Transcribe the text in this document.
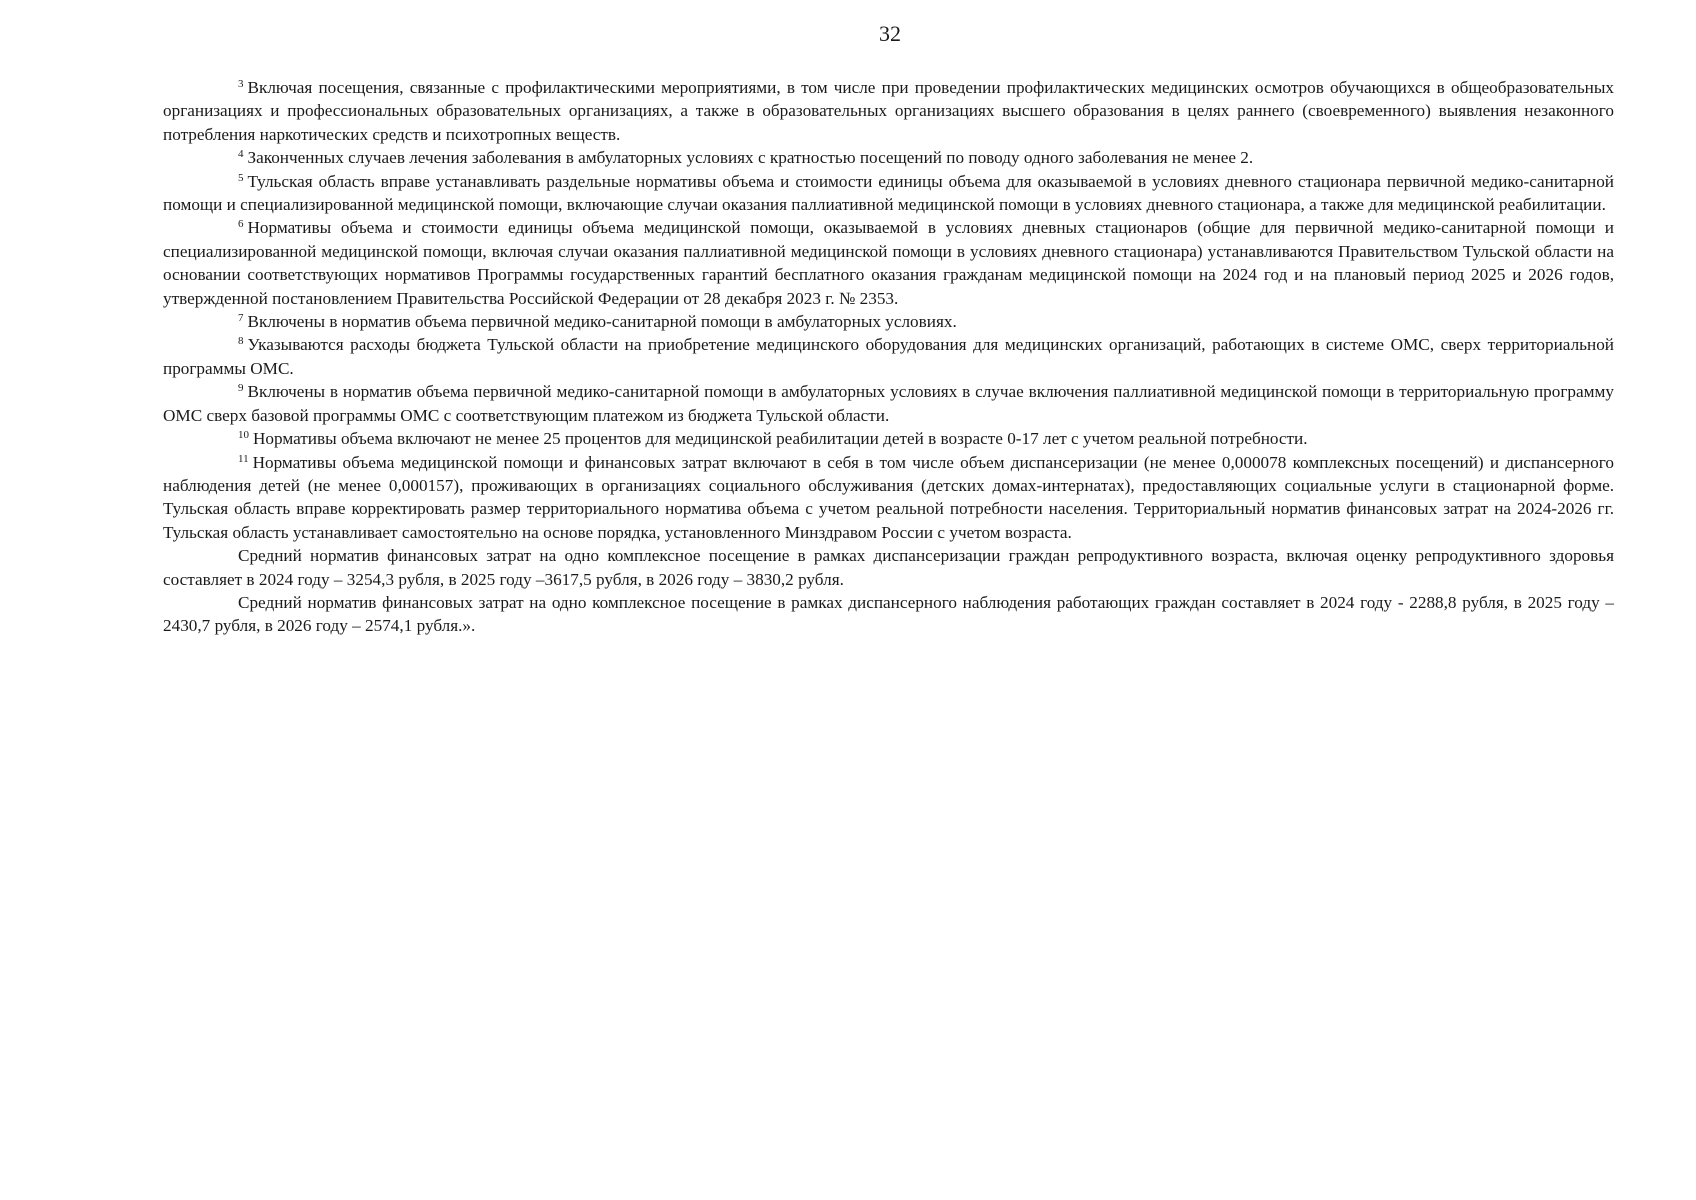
32

$^3$ Включая посещения, связанные с профилактическими мероприятиями, в том числе при проведении профилактических медицинских осмотров обучающихся в общеобразовательных организациях и профессиональных образовательных организациях, а также в образовательных организациях высшего образования в целях раннего (своевременного) выявления незаконного потребления наркотических средств и психотропных веществ.

$^4$ Законченных случаев лечения заболевания в амбулаторных условиях с кратностью посещений по поводу одного заболевания не менее 2.

$^5$ Тульская область вправе устанавливать раздельные нормативы объема и стоимости единицы объема для оказываемой в условиях дневного стационара первичной медико-санитарной помощи и специализированной медицинской помощи, включающие случаи оказания паллиативной медицинской помощи в условиях дневного стационара, а также для медицинской реабилитации.

$^6$ Нормативы объема и стоимости единицы объема медицинской помощи, оказываемой в условиях дневных стационаров (общие для первичной медико-санитарной помощи и специализированной медицинской помощи, включая случаи оказания паллиативной медицинской помощи в условиях дневного стационара) устанавливаются Правительством Тульской области на основании соответствующих нормативов Программы государственных гарантий бесплатного оказания гражданам медицинской помощи на 2024 год и на плановый период 2025 и 2026 годов, утвержденной постановлением Правительства Российской Федерации от 28 декабря 2023 г. № 2353.

$^7$ Включены в норматив объема первичной медико-санитарной помощи в амбулаторных условиях.

$^8$ Указываются расходы бюджета Тульской области на приобретение медицинского оборудования для медицинских организаций, работающих в системе ОМС, сверх территориальной программы ОМС.

$^9$ Включены в норматив объема первичной медико-санитарной помощи в амбулаторных условиях в случае включения паллиативной медицинской помощи в территориальную программу ОМС сверх базовой программы ОМС с соответствующим платежом из бюджета Тульской области.

$^{10}$ Нормативы объема включают не менее 25 процентов для медицинской реабилитации детей в возрасте 0-17 лет с учетом реальной потребности.

$^{11}$ Нормативы объема медицинской помощи и финансовых затрат включают в себя в том числе объем диспансеризации (не менее 0,000078 комплексных посещений) и диспансерного наблюдения детей (не менее 0,000157), проживающих в организациях социального обслуживания (детских домах-интернатах), предоставляющих социальные услуги в стационарной форме. Тульская область вправе корректировать размер территориального норматива объема с учетом реальной потребности населения. Территориальный норматив финансовых затрат на 2024-2026 гг. Тульская область устанавливает самостоятельно на основе порядка, установленного Минздравом России с учетом возраста.

Средний норматив финансовых затрат на одно комплексное посещение в рамках диспансеризации граждан репродуктивного возраста, включая оценку репродуктивного здоровья составляет в 2024 году – 3254,3 рубля, в 2025 году –3617,5 рубля, в 2026 году – 3830,2 рубля.

Средний норматив финансовых затрат на одно комплексное посещение в рамках диспансерного наблюдения работающих граждан составляет в 2024 году - 2288,8 рубля, в 2025 году – 2430,7 рубля, в 2026 году – 2574,1 рубля.».
